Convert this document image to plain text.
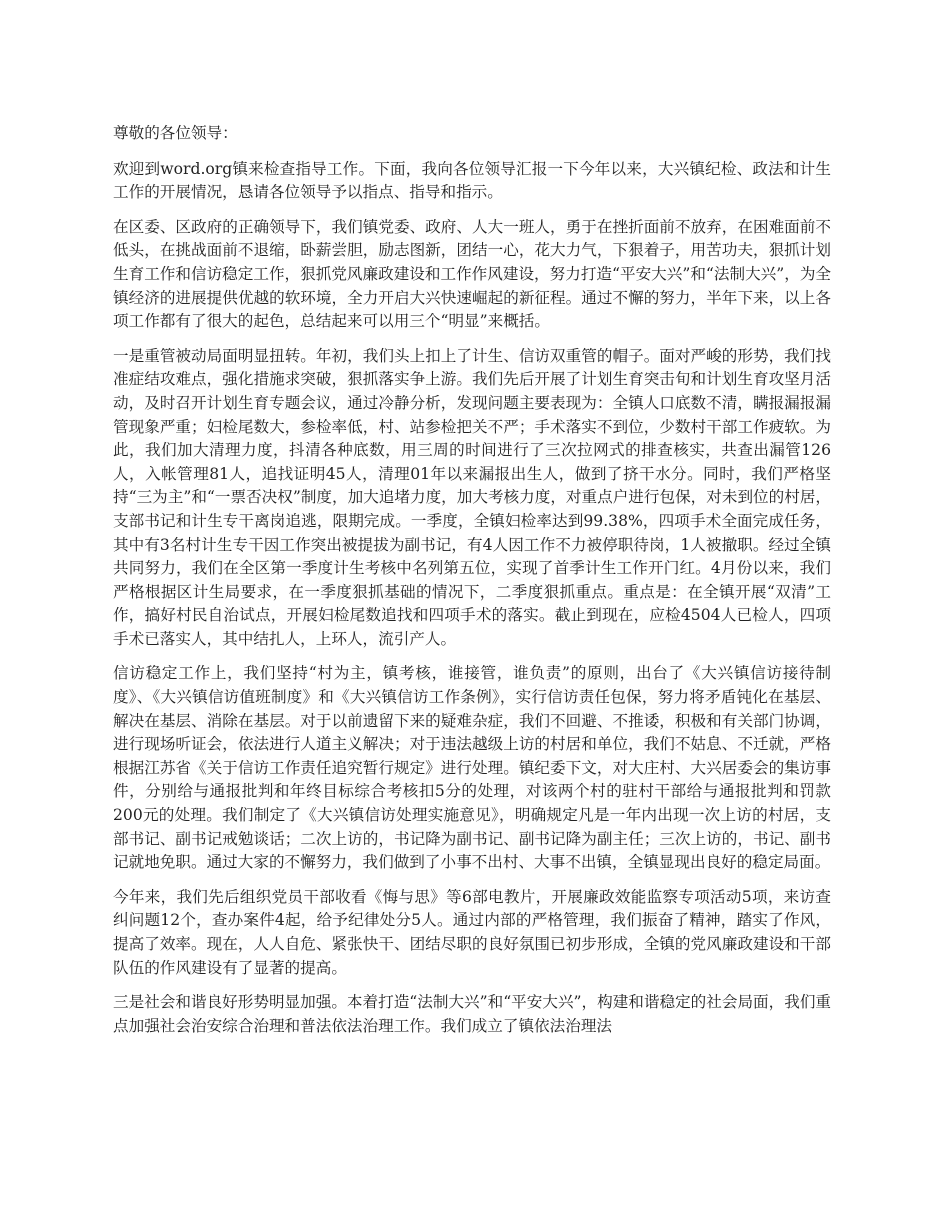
尊敬的各位领导：

欢迎到word.org镇来检查指导工作。下面，我向各位领导汇报一下今年以来，大兴镇纪检、政法和计生工作的开展情况，恳请各位领导予以指点、指导和指示。

在区委、区政府的正确领导下，我们镇党委、政府、人大一班人，勇于在挫折面前不放弃，在困难面前不低头，在挑战面前不退缩，卧薪尝胆，励志图新，团结一心，花大力气，下狠着子，用苦功夫，狠抓计划生育工作和信访稳定工作，狠抓党风廉政建设和工作作风建设，努力打造“平安大兴”和“法制大兴”，为全镇经济的进展提供优越的软环境，全力开启大兴快速崛起的新征程。通过不懈的努力，半年下来，以上各项工作都有了很大的起色，总结起来可以用三个“明显”来概括。

一是重管被动局面明显扭转。年初，我们头上扣上了计生、信访双重管的帽子。面对严峻的形势，我们找准症结攻难点，强化措施求突破，狠抓落实争上游。我们先后开展了计划生育突击旬和计划生育攻坚月活动，及时召开计划生育专题会议，通过冷静分析，发现问题主要表现为：全镇人口底数不清，瞒报漏报漏管现象严重；妇检尾数大，参检率低，村、站参检把关不严；手术落实不到位，少数村干部工作疲软。为此，我们加大清理力度，抖清各种底数，用三周的时间进行了三次拉网式的排查核实，共查出漏管126人，入帐管理81人，追找证明45人，清理01年以来漏报出生人，做到了挤干水分。同时，我们严格坚持“三为主”和“一票否决权”制度，加大追堵力度，加大考核力度，对重点户进行包保，对未到位的村居，支部书记和计生专干离岗追逃，限期完成。一季度，全镇妇检率达到99.38%，四项手术全面完成任务，其中有3名村计生专干因工作突出被提拔为副书记，有4人因工作不力被停职待岗，1人被撤职。经过全镇共同努力，我们在全区第一季度计生考核中名列第五位，实现了首季计生工作开门红。4月份以来，我们严格根据区计生局要求，在一季度狠抓基础的情况下，二季度狠抓重点。重点是：在全镇开展“双清”工作，搞好村民自治试点，开展妇检尾数追找和四项手术的落实。截止到现在，应检4504人已检人，四项手术已落实人，其中结扎人，上环人，流引产人。

信访稳定工作上，我们坚持“村为主，镇考核，谁接管，谁负责”的原则，出台了《大兴镇信访接待制度》、《大兴镇信访值班制度》和《大兴镇信访工作条例》，实行信访责任包保，努力将矛盾钝化在基层、解决在基层、消除在基层。对于以前遗留下来的疑难杂症，我们不回避、不推诿，积极和有关部门协调，进行现场听证会，依法进行人道主义解决；对于违法越级上访的村居和单位，我们不姑息、不迁就，严格根据江苏省《关于信访工作责任追究暂行规定》进行处理。镇纪委下文，对大庄村、大兴居委会的集访事件，分别给与通报批判和年终目标综合考核扣5分的处理，对该两个村的驻村干部给与通报批判和罚款200元的处理。我们制定了《大兴镇信访处理实施意见》，明确规定凡是一年内出现一次上访的村居，支部书记、副书记戒勉谈话；二次上访的，书记降为副书记、副书记降为副主任；三次上访的，书记、副书记就地免职。通过大家的不懈努力，我们做到了小事不出村、大事不出镇，全镇显现出良好的稳定局面。

今年来，我们先后组织党员干部收看《悔与思》等6部电教片，开展廉政效能监察专项活动5项，来访查纠问题12个，查办案件4起，给予纪律处分5人。通过内部的严格管理，我们振奋了精神，踏实了作风，提高了效率。现在，人人自危、紧张快干、团结尽职的良好氛围已初步形成，全镇的党风廉政建设和干部队伍的作风建设有了显著的提高。

三是社会和谐良好形势明显加强。本着打造“法制大兴”和“平安大兴”，构建和谐稳定的社会局面，我们重点加强社会治安综合治理和普法依法治理工作。我们成立了镇依法治理法
